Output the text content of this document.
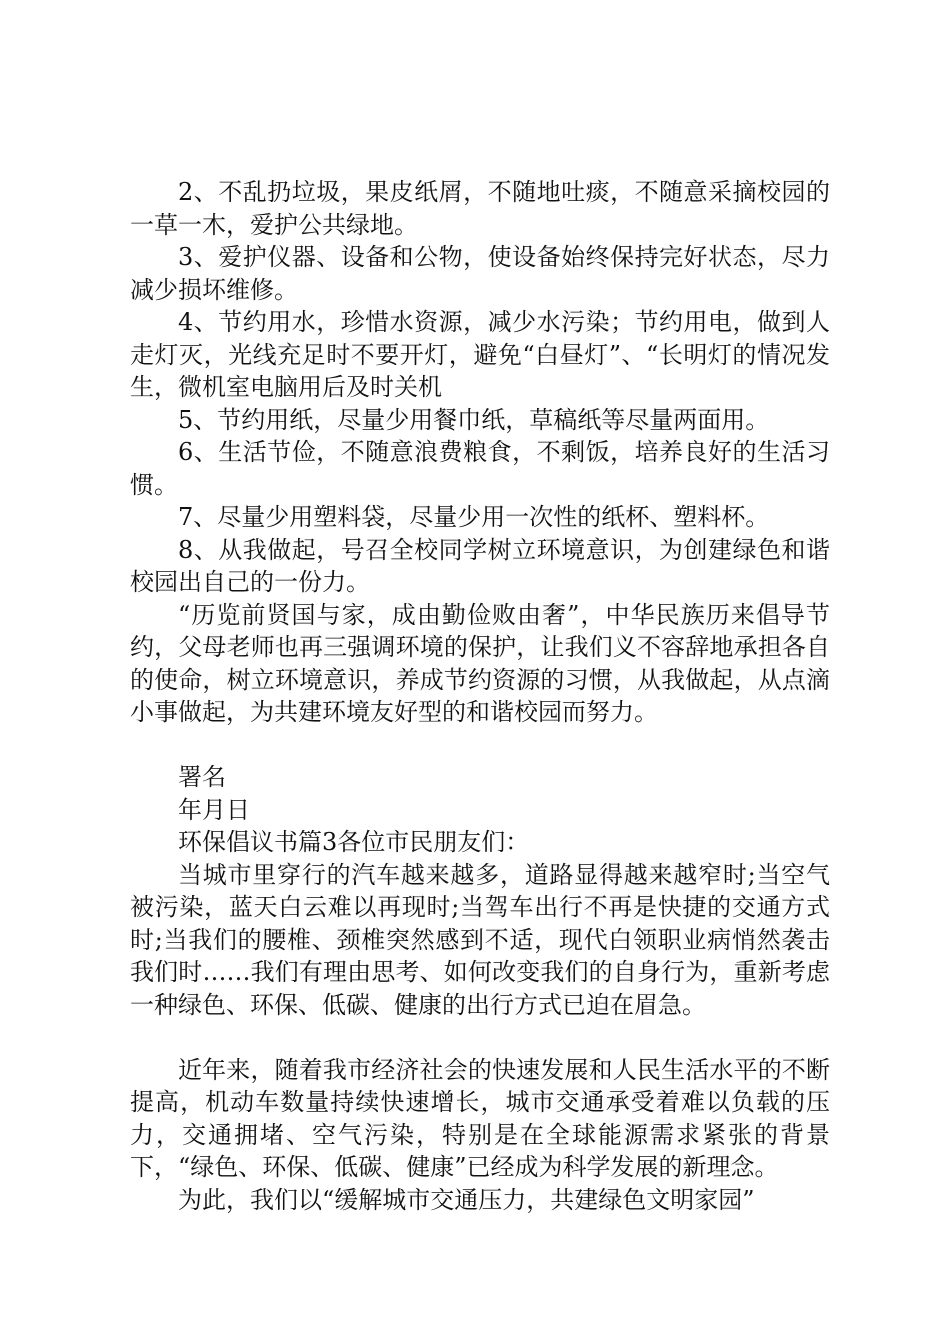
2、不乱扔垃圾，果皮纸屑，不随地吐痰，不随意采摘校园的一草一木，爱护公共绿地。

3、爱护仪器、设备和公物，使设备始终保持完好状态，尽力减少损坏维修。

4、节约用水，珍惜水资源，减少水污染；节约用电，做到人走灯灭，光线充足时不要开灯，避免“白昼灯”、“长明灯的情况发生，微机室电脑用后及时关机

5、节约用纸，尽量少用餐巾纸，草稿纸等尽量两面用。

6、生活节俭，不随意浪费粮食，不剩饭，培养良好的生活习惯。

7、尽量少用塑料袋，尽量少用一次性的纸杯、塑料杯。

8、从我做起，号召全校同学树立环境意识，为创建绿色和谐校园出自己的一份力。

“历览前贤国与家，成由勤俭败由奢”，中华民族历来倡导节约，父母老师也再三强调环境的保护，让我们义不容辞地承担各自的使命，树立环境意识，养成节约资源的习惯，从我做起，从点滴小事做起，为共建环境友好型的和谐校园而努力。

署名

年月日

环保倡议书篇3各位市民朋友们：

当城市里穿行的汽车越来越多，道路显得越来越窄时;当空气被污染，蓝天白云难以再现时;当驾车出行不再是快捷的交通方式时;当我们的腰椎、颈椎突然感到不适，现代白领职业病悄然袭击我们时……我们有理由思考、如何改变我们的自身行为，重新考虑一种绿色、环保、低碳、健康的出行方式已迫在眉急。

近年来，随着我市经济社会的快速发展和人民生活水平的不断提高，机动车数量持续快速增长，城市交通承受着难以负载的压力，交通拥堵、空气污染，特别是在全球能源需求紧张的背景下，“绿色、环保、低碳、健康”已经成为科学发展的新理念。

为此，我们以“缓解城市交通压力，共建绿色文明家园”
